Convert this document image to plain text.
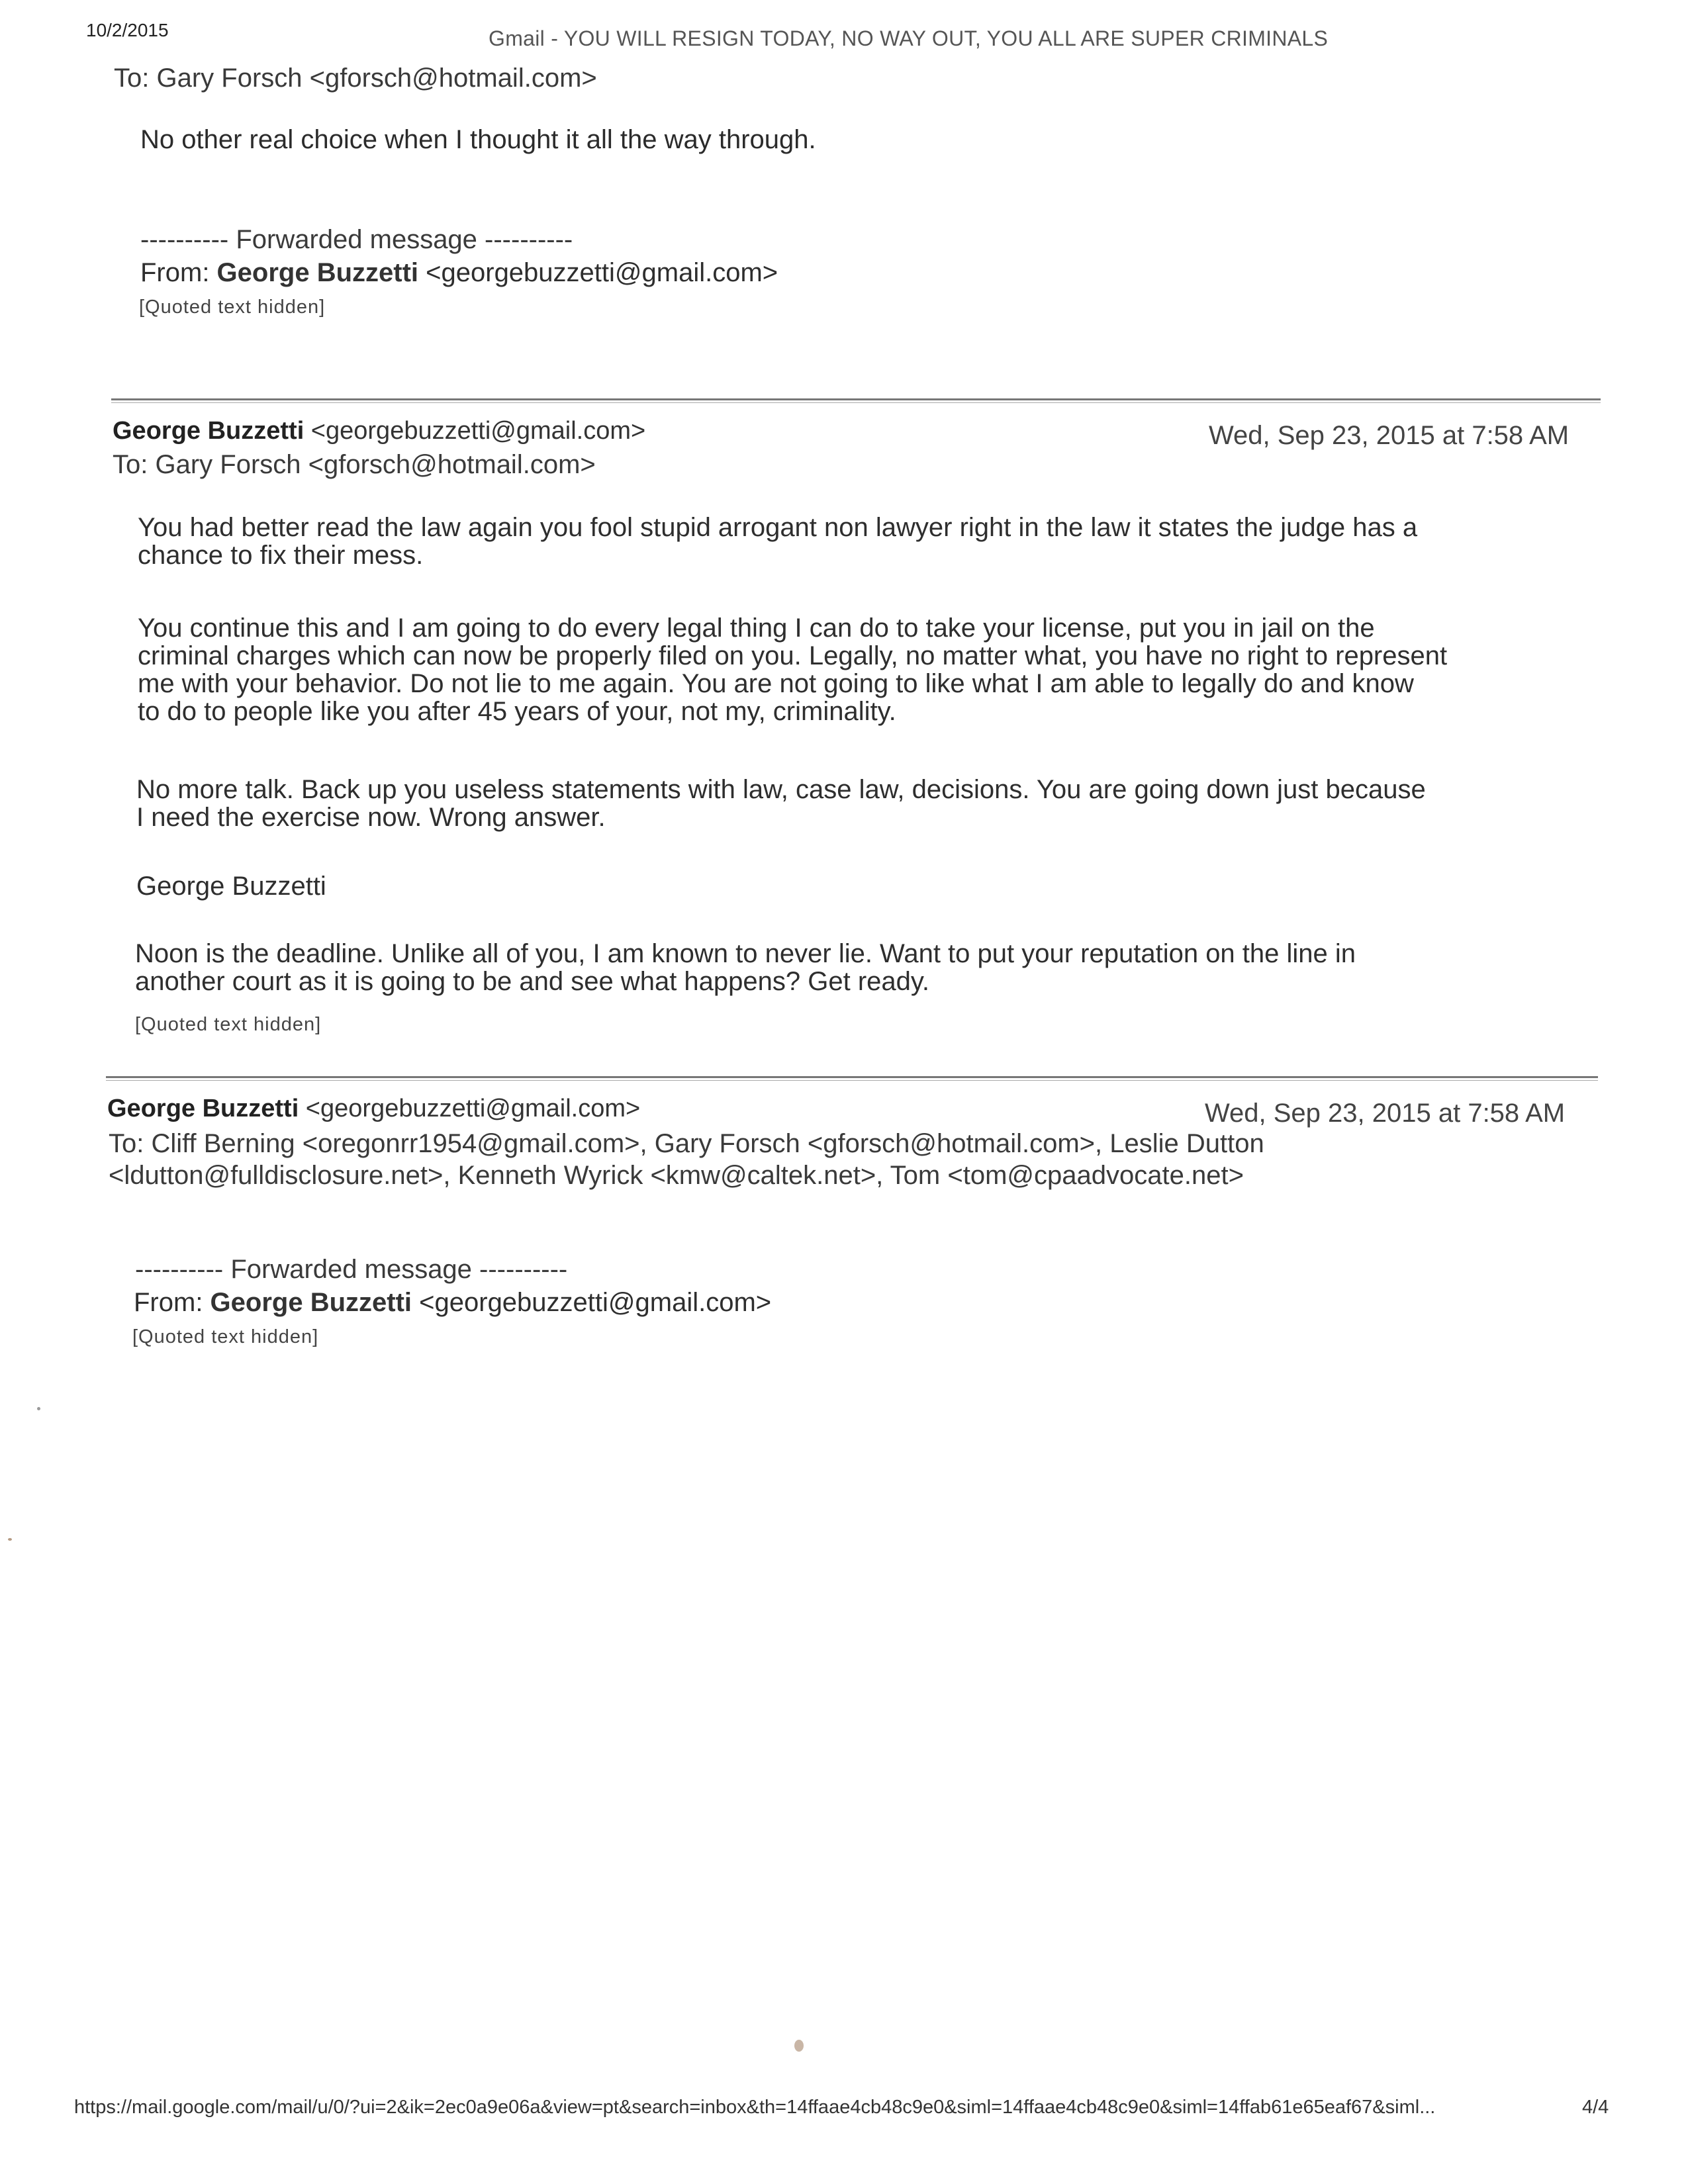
10/2/2015	Gmail - YOU WILL RESIGN TODAY, NO WAY OUT, YOU ALL ARE SUPER CRIMINALS
To: Gary Forsch <gforsch@hotmail.com>
No other real choice when I thought it all the way through.
---------- Forwarded message ----------
From: George Buzzetti <georgebuzzetti@gmail.com>
[Quoted text hidden]
George Buzzetti <georgebuzzetti@gmail.com>	Wed, Sep 23, 2015 at 7:58 AM
To: Gary Forsch <gforsch@hotmail.com>
You had better read the law again you fool stupid arrogant non lawyer right in the law it states the judge has a
chance to fix their mess.
You continue this and I am going to do every legal thing I can do to take your license, put you in jail on the
criminal charges which can now be properly filed on you. Legally, no matter what, you have no right to represent
me with your behavior. Do not lie to me again. You are not going to like what I am able to legally do and know
to do to people like you after 45 years of your, not my, criminality.
No more talk. Back up you useless statements with law, case law, decisions. You are going down just because
I need the exercise now. Wrong answer.
George Buzzetti
Noon is the deadline. Unlike all of you, I am known to never lie. Want to put your reputation on the line in
another court as it is going to be and see what happens? Get ready.
[Quoted text hidden]
George Buzzetti <georgebuzzetti@gmail.com>	Wed, Sep 23, 2015 at 7:58 AM
To: Cliff Berning <oregonrr1954@gmail.com>, Gary Forsch <gforsch@hotmail.com>, Leslie Dutton
<ldutton@fulldisclosure.net>, Kenneth Wyrick <kmw@caltek.net>, Tom <tom@cpaadvocate.net>
---------- Forwarded message ----------
From: George Buzzetti <georgebuzzetti@gmail.com>
[Quoted text hidden]
https://mail.google.com/mail/u/0/?ui=2&ik=2ec0a9e06a&view=pt&search=inbox&th=14ffaae4cb48c9e0&siml=14ffaae4cb48c9e0&siml=14ffab61e65eaf67&siml...	4/4
